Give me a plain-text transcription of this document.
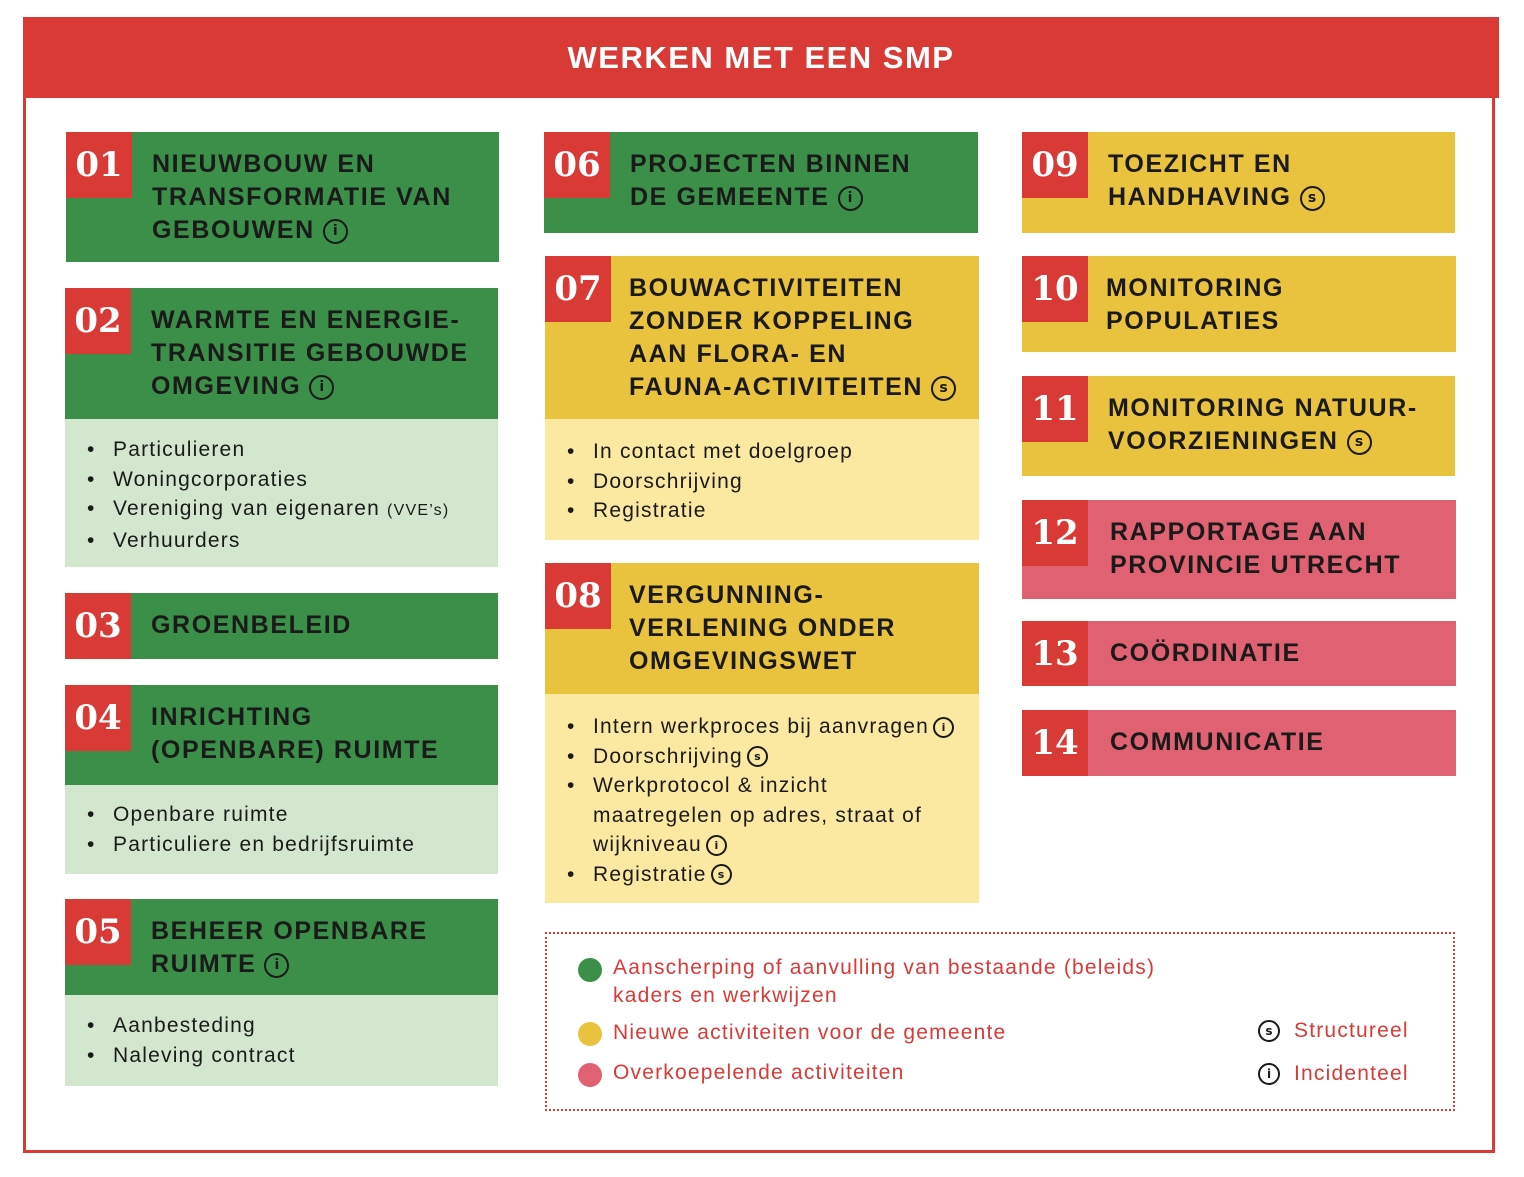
WERKEN MET EEN SMP
01	NIEUWBOUW EN
TRANSFORMATIE VAN
GEBOUWEN i
02	WARMTE EN ENERGIE-
TRANSITIE GEBOUWDE
OMGEVING i
• Particulieren
• Woningcorporaties
• Vereniging van eigenaren (VVE’s)
• Verhuurders
03	GROENBELEID
04	INRICHTING
(OPENBARE) RUIMTE
• Openbare ruimte
• Particuliere en bedrijfsruimte
05	BEHEER OPENBARE
RUIMTE i
• Aanbesteding
• Naleving contract
06	PROJECTEN BINNEN
DE GEMEENTE i
07	BOUWACTIVITEITEN
ZONDER KOPPELING
AAN FLORA- EN
FAUNA-ACTIVITEITEN s
• In contact met doelgroep
• Doorschrijving
• Registratie
08	VERGUNNING-
VERLENING ONDER
OMGEVINGSWET
• Intern werkproces bij aanvragen i
• Doorschrijving s
• Werkprotocol & inzicht
maatregelen op adres, straat of
wijkniveau i
• Registratie s
09	TOEZICHT EN
HANDHAVING s
10	MONITORING
POPULATIES
11	MONITORING NATUUR-
VOORZIENINGEN s
12	RAPPORTAGE AAN
PROVINCIE UTRECHT
13	COÖRDINATIE
14	COMMUNICATIE
Aanscherping of aanvulling van bestaande (beleids)
kaders en werkwijzen
Nieuwe activiteiten voor de gemeente
Overkoepelende activiteiten
s	Structureel
i	Incidenteel
